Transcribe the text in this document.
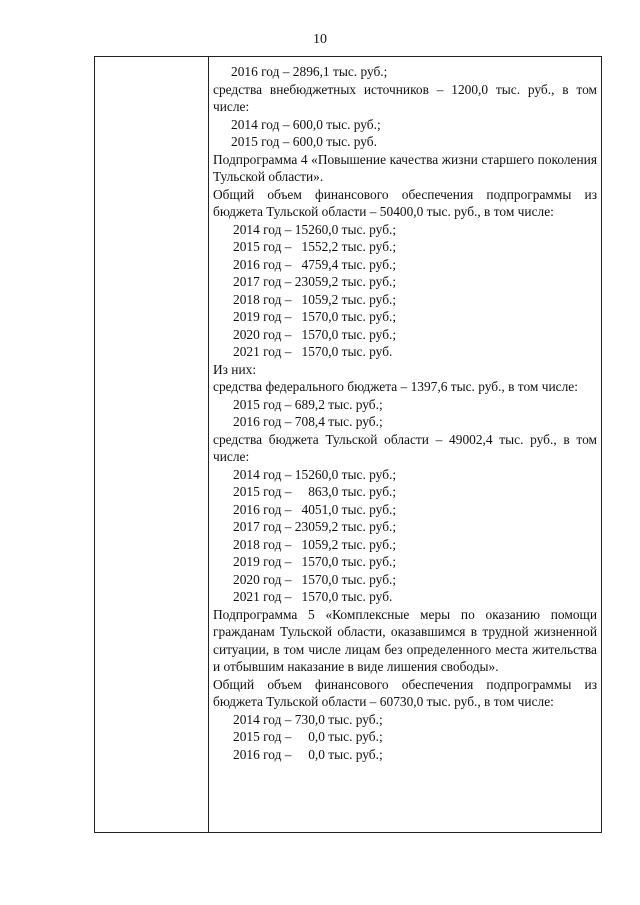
10
2016 год – 2896,1 тыс. руб.;
средства внебюджетных источников – 1200,0 тыс. руб., в том числе:
2014 год – 600,0 тыс. руб.;
2015 год – 600,0 тыс. руб.
Подпрограмма 4 «Повышение качества жизни старшего поколения Тульской области».
Общий объем финансового обеспечения подпрограммы из бюджета Тульской области – 50400,0 тыс. руб., в том числе:
2014 год – 15260,0 тыс. руб.;
2015 год –   1552,2 тыс. руб.;
2016 год –   4759,4 тыс. руб.;
2017 год – 23059,2 тыс. руб.;
2018 год –   1059,2 тыс. руб.;
2019 год –   1570,0 тыс. руб.;
2020 год –   1570,0 тыс. руб.;
2021 год –   1570,0 тыс. руб.
Из них:
средства федерального бюджета – 1397,6 тыс. руб., в том числе:
2015 год – 689,2 тыс. руб.;
2016 год – 708,4 тыс. руб.;
средства бюджета Тульской области – 49002,4 тыс. руб., в том числе:
2014 год – 15260,0 тыс. руб.;
2015 год –     863,0 тыс. руб.;
2016 год –   4051,0 тыс. руб.;
2017 год – 23059,2 тыс. руб.;
2018 год –   1059,2 тыс. руб.;
2019 год –   1570,0 тыс. руб.;
2020 год –   1570,0 тыс. руб.;
2021 год –   1570,0 тыс. руб.
Подпрограмма 5 «Комплексные меры по оказанию помощи гражданам Тульской области, оказавшимся в трудной жизненной ситуации, в том числе лицам без определенного места жительства и отбывшим наказание в виде лишения свободы».
Общий объем финансового обеспечения подпрограммы из бюджета Тульской области – 60730,0 тыс. руб., в том числе:
2014 год – 730,0 тыс. руб.;
2015 год –     0,0 тыс. руб.;
2016 год –     0,0 тыс. руб.;
